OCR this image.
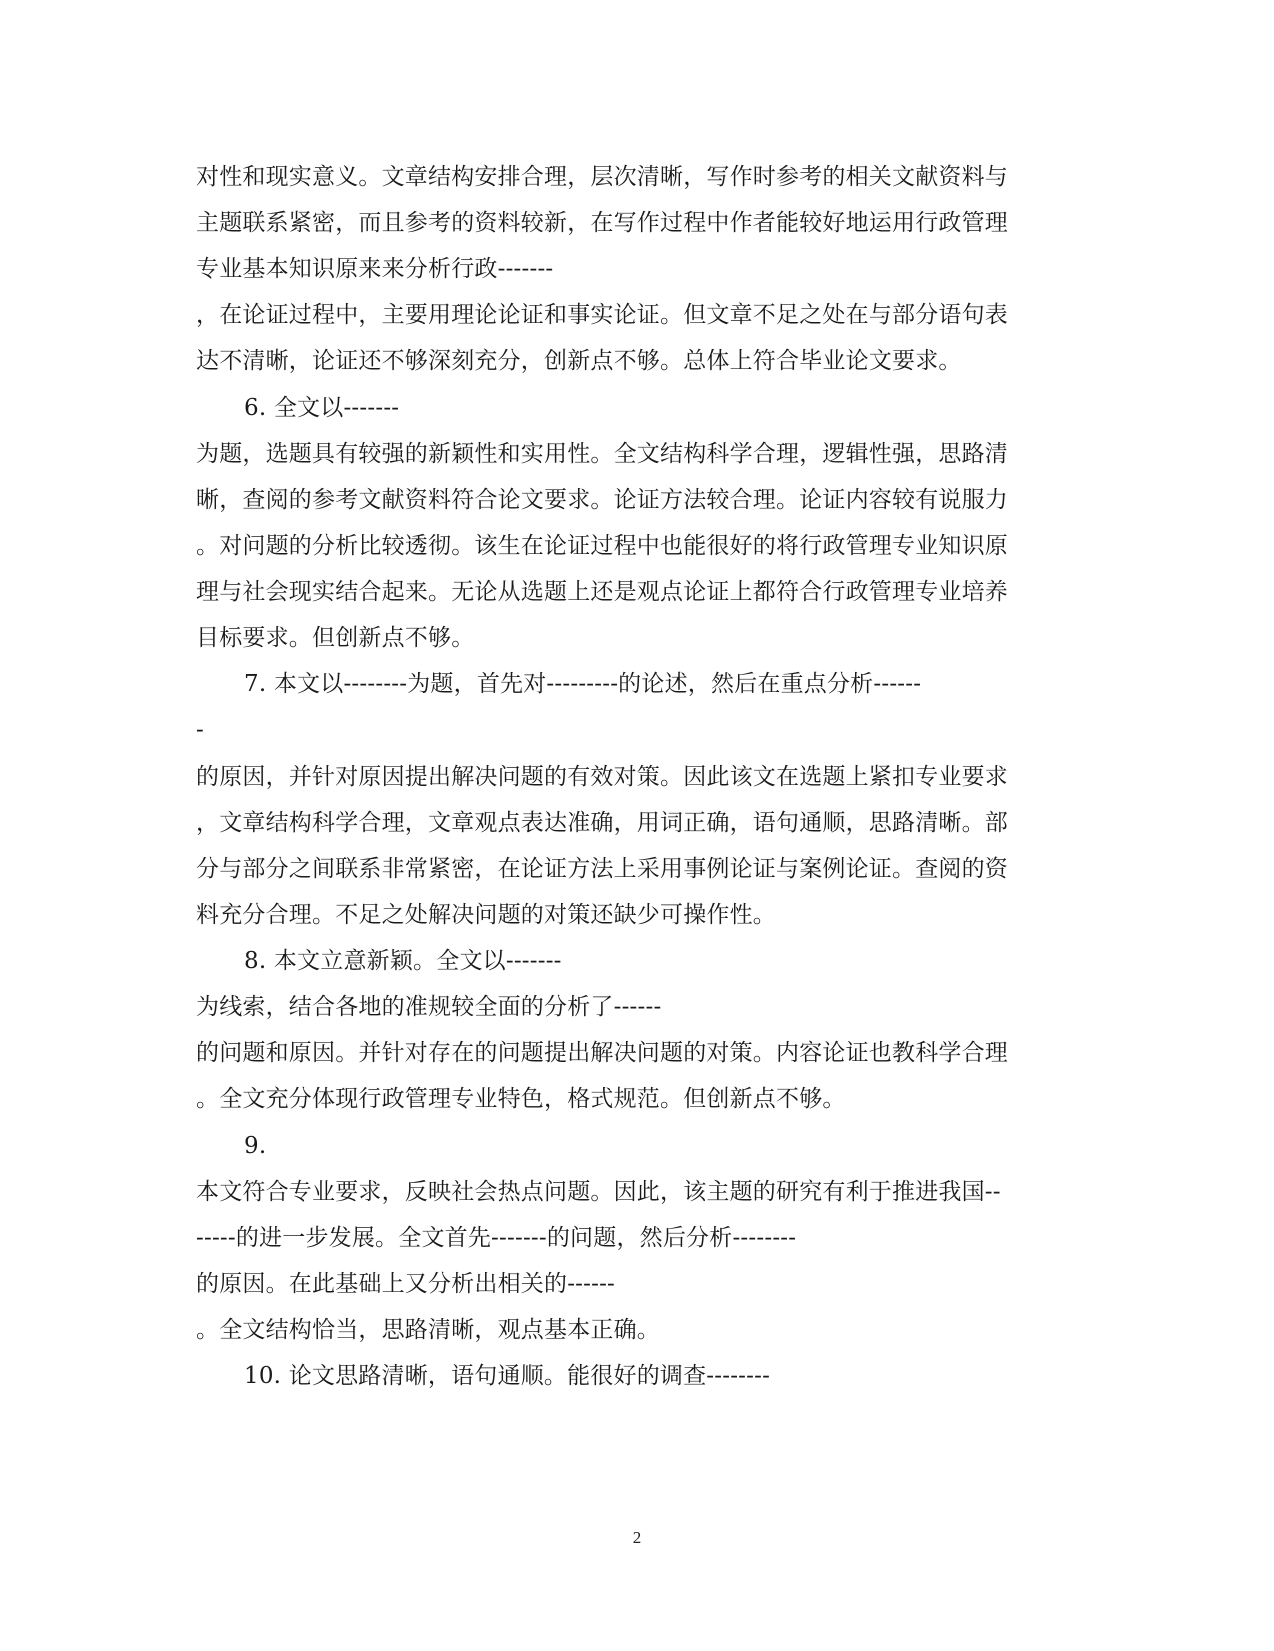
对性和现实意义。文章结构安排合理，层次清晰，写作时参考的相关文献资料与
主题联系紧密，而且参考的资料较新，在写作过程中作者能较好地运用行政管理
专业基本知识原来来分析行政-------
，在论证过程中，主要用理论论证和事实论证。但文章不足之处在与部分语句表
达不清晰，论证还不够深刻充分，创新点不够。总体上符合毕业论文要求。
6. 全文以-------
为题，选题具有较强的新颖性和实用性。全文结构科学合理，逻辑性强，思路清
晰，查阅的参考文献资料符合论文要求。论证方法较合理。论证内容较有说服力
。对问题的分析比较透彻。该生在论证过程中也能很好的将行政管理专业知识原
理与社会现实结合起来。无论从选题上还是观点论证上都符合行政管理专业培养
目标要求。但创新点不够。
7. 本文以--------为题，首先对---------的论述，然后在重点分析------
-
的原因，并针对原因提出解决问题的有效对策。因此该文在选题上紧扣专业要求
，文章结构科学合理，文章观点表达准确，用词正确，语句通顺，思路清晰。部
分与部分之间联系非常紧密，在论证方法上采用事例论证与案例论证。查阅的资
料充分合理。不足之处解决问题的对策还缺少可操作性。
8. 本文立意新颖。全文以-------
为线索，结合各地的准规较全面的分析了------
的问题和原因。并针对存在的问题提出解决问题的对策。内容论证也教科学合理
。全文充分体现行政管理专业特色，格式规范。但创新点不够。
9.
本文符合专业要求，反映社会热点问题。因此，该主题的研究有利于推进我国--
-----的进一步发展。全文首先-------的问题，然后分析--------
的原因。在此基础上又分析出相关的------
。全文结构恰当，思路清晰，观点基本正确。
10. 论文思路清晰，语句通顺。能很好的调查--------
2
